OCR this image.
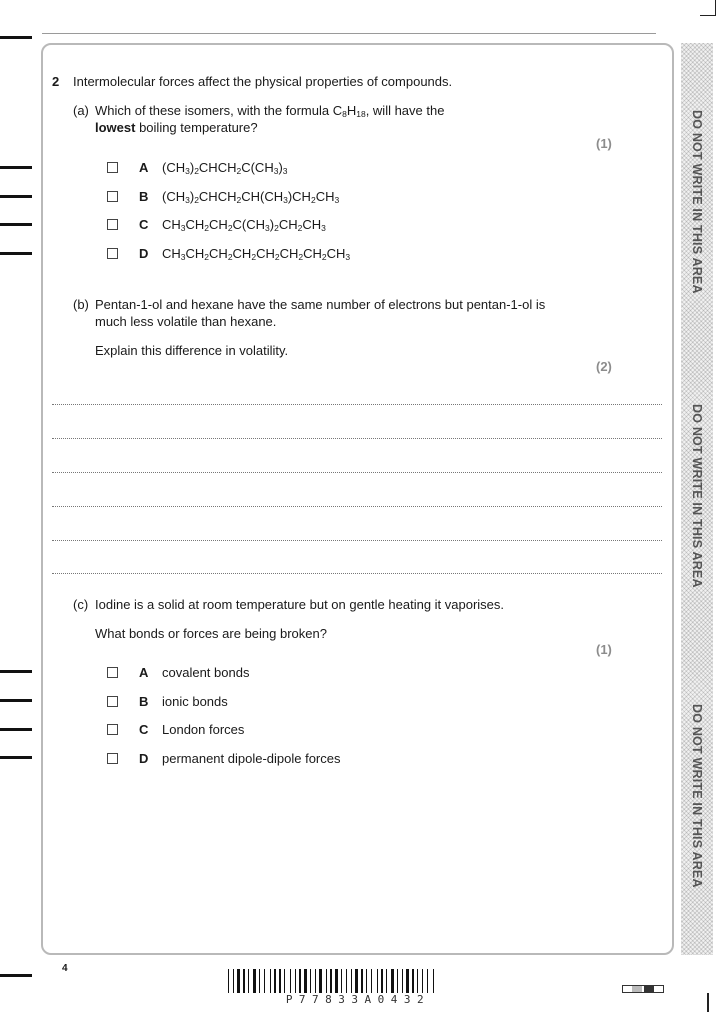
DO NOT WRITE IN THIS AREA
DO NOT WRITE IN THIS AREA
DO NOT WRITE IN THIS AREA
2 Intermolecular forces affect the physical properties of compounds.
(a) Which of these isomers, with the formula $C_8H_{18}$, will have the
lowest boiling temperature?
(1)
A $(CH_3)_2CHCH_2C(CH_3)_3$
B $(CH_3)_2CHCH_2CH(CH_3)CH_2CH_3$
C $CH_3CH_2CH_2C(CH_3)_2CH_2CH_3$
D $CH_3CH_2CH_2CH_2CH_2CH_2CH_2CH_3$
(b) Pentan-1-ol and hexane have the same number of electrons but pentan-1-ol is
much less volatile than hexane.
Explain this difference in volatility.
(2)
(c) Iodine is a solid at room temperature but on gentle heating it vaporises.
What bonds or forces are being broken?
(1)
A covalent bonds
B ionic bonds
C London forces
D permanent dipole-dipole forces
4
P77833A0432
